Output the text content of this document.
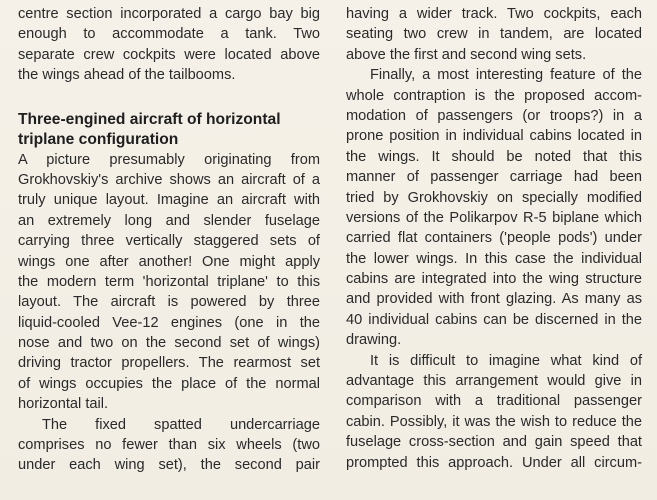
centre section incorporated a cargo bay big
enough to accommodate a tank. Two
separate crew cockpits were located above
the wings ahead of the tailbooms.
Three-engined aircraft of horizontal
triplane configuration
A picture presumably originating from
Grokhovskiy's archive shows an aircraft of a
truly unique layout. Imagine an aircraft with
an extremely long and slender fuselage
carrying three vertically staggered sets of
wings one after another! One might apply
the modern term 'horizontal triplane' to this
layout. The aircraft is powered by three
liquid-cooled Vee-12 engines (one in the
nose and two on the second set of wings)
driving tractor propellers. The rearmost set
of wings occupies the place of the normal
horizontal tail.
The fixed spatted undercarriage
comprises no fewer than six wheels (two
under each wing set), the second pair
having a wider track. Two cockpits, each
seating two crew in tandem, are located
above the first and second wing sets.
Finally, a most interesting feature of the
whole contraption is the proposed accom-
modation of passengers (or troops?) in a
prone position in individual cabins located in
the wings. It should be noted that this
manner of passenger carriage had been
tried by Grokhovskiy on specially modified
versions of the Polikarpov R-5 biplane which
carried flat containers ('people pods') under
the lower wings. In this case the individual
cabins are integrated into the wing structure
and provided with front glazing. As many as
40 individual cabins can be discerned in the
drawing.
It is difficult to imagine what kind of
advantage this arrangement would give in
comparison with a traditional passenger
cabin. Possibly, it was the wish to reduce the
fuselage cross-section and gain speed that
prompted this approach. Under all circum-
